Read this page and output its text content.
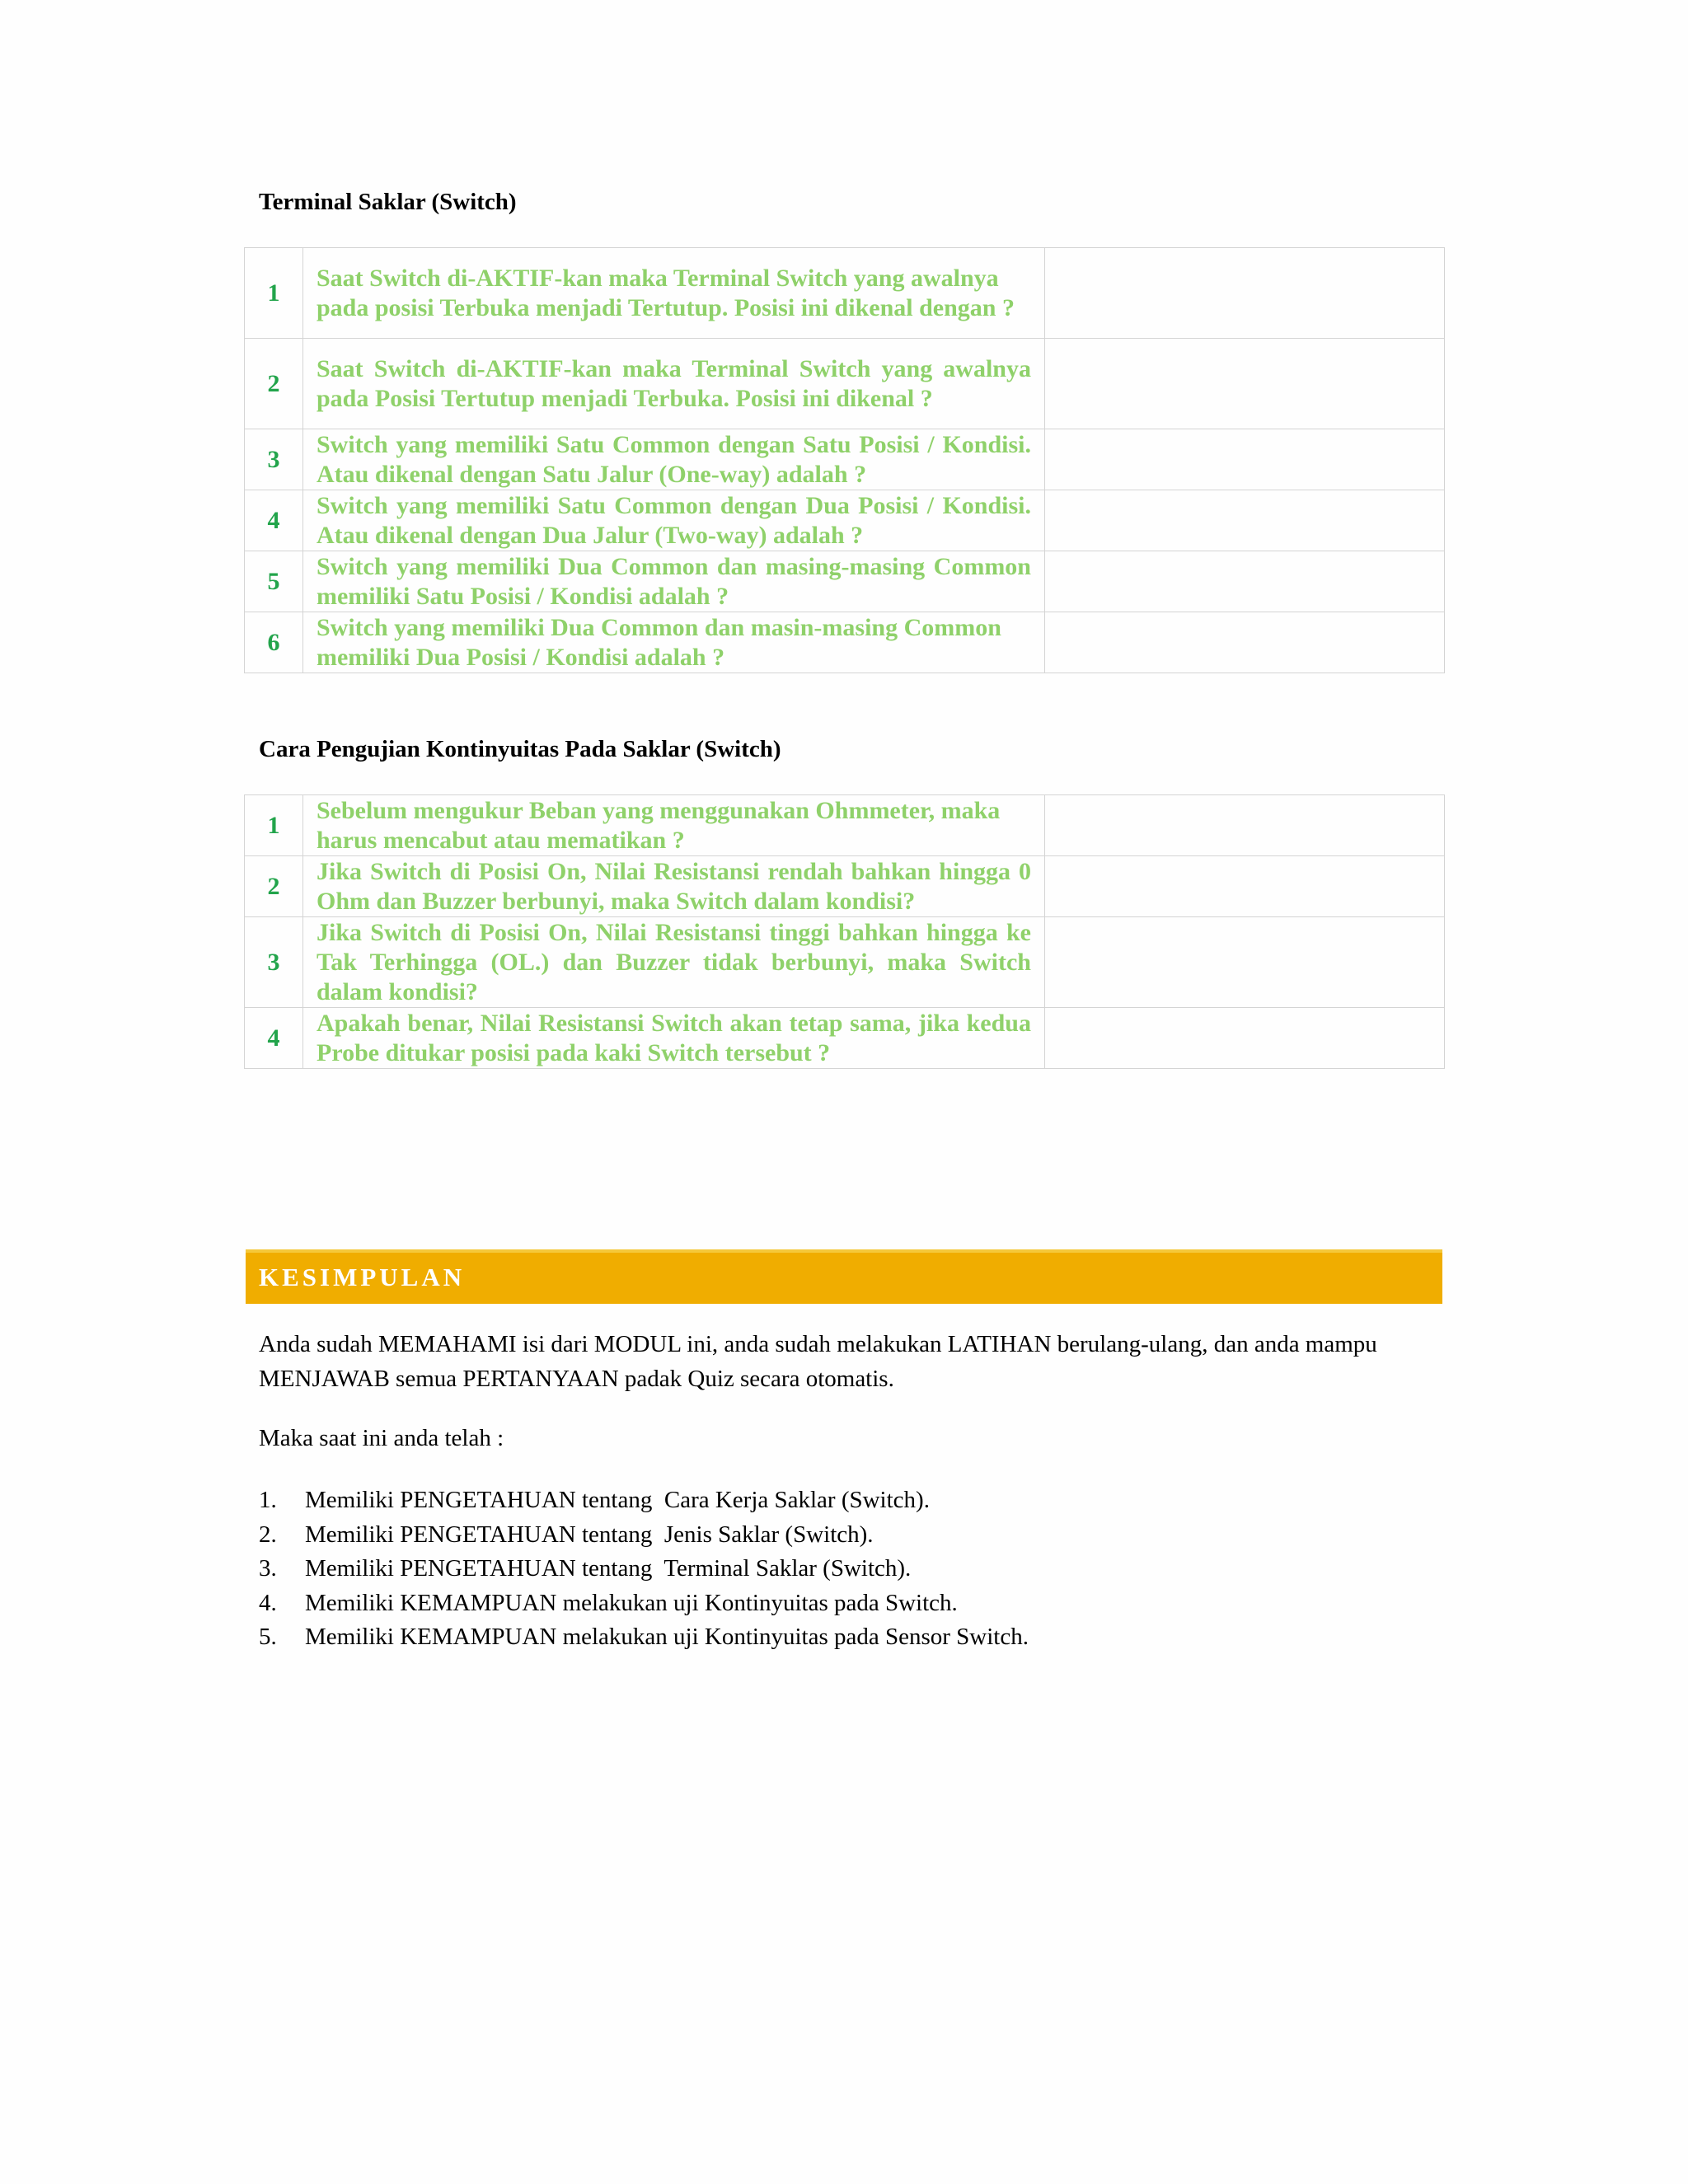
Terminal Saklar (Switch)
1	Saat Switch di-AKTIF-kan maka Terminal Switch yang awalnya pada posisi Terbuka menjadi Tertutup. Posisi ini dikenal dengan ?	
2	Saat Switch di-AKTIF-kan maka Terminal Switch yang awalnya pada Posisi Tertutup menjadi Terbuka. Posisi ini dikenal ?	
3	Switch yang memiliki Satu Common dengan Satu Posisi / Kondisi. Atau dikenal dengan Satu Jalur (One-way) adalah ?	
4	Switch yang memiliki Satu Common dengan Dua Posisi / Kondisi. Atau dikenal dengan Dua Jalur (Two-way) adalah ?	
5	Switch yang memiliki Dua Common dan masing-masing Common memiliki Satu Posisi / Kondisi adalah ?	
6	Switch yang memiliki Dua Common dan masin-masing Common memiliki Dua Posisi / Kondisi adalah ?	
Cara Pengujian Kontinyuitas Pada Saklar (Switch)
1	Sebelum mengukur Beban yang menggunakan Ohmmeter, maka harus mencabut atau mematikan ?	
2	Jika Switch di Posisi On, Nilai Resistansi rendah bahkan hingga 0 Ohm dan Buzzer berbunyi, maka Switch dalam kondisi?	
3	Jika Switch di Posisi On, Nilai Resistansi tinggi bahkan hingga ke Tak Terhingga (OL.) dan Buzzer tidak berbunyi, maka Switch dalam kondisi?	
4	Apakah benar, Nilai Resistansi Switch akan tetap sama, jika kedua Probe ditukar posisi pada kaki Switch tersebut ?	
KESIMPULAN
Anda sudah MEMAHAMI isi dari MODUL ini, anda sudah melakukan LATIHAN berulang-ulang, dan anda mampu MENJAWAB semua PERTANYAAN padak Quiz secara otomatis.
Maka saat ini anda telah :
1.	Memiliki PENGETAHUAN tentang  Cara Kerja Saklar (Switch).
2.	Memiliki PENGETAHUAN tentang  Jenis Saklar (Switch).
3.	Memiliki PENGETAHUAN tentang  Terminal Saklar (Switch).
4.	Memiliki KEMAMPUAN melakukan uji Kontinyuitas pada Switch.
5.	Memiliki KEMAMPUAN melakukan uji Kontinyuitas pada Sensor Switch.
